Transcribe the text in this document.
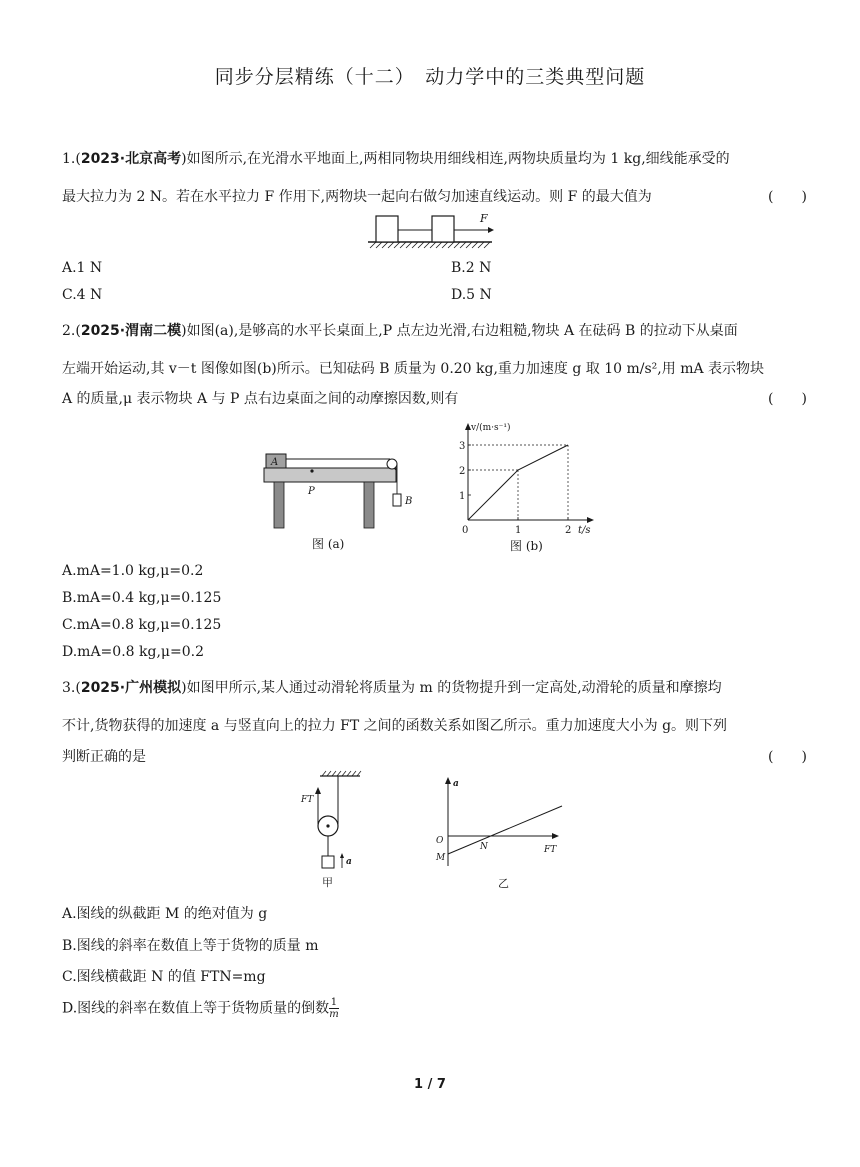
同步分层精练（十二）　动力学中的三类典型问题
1.(2023·北京高考)如图所示,在光滑水平地面上,两相同物块用细线相连,两物块质量均为 1 kg,细线能承受的
最大拉力为 2 N。若在水平拉力 F 作用下,两物块一起向右做匀加速直线运动。则 F 的最大值为	(　　)
F
A.1 N	B.2 N
C.4 N	D.5 N
2.(2025·渭南二模)如图(a),是够高的水平长桌面上,P 点左边光滑,右边粗糙,物块 A 在砝码 B 的拉动下从桌面
左端开始运动,其 v－t 图像如图(b)所示。已知砝码 B 质量为 0.20 kg,重力加速度 g 取 10 m/s²,用 mA 表示物块
A 的质量,μ 表示物块 A 与 P 点右边桌面之间的动摩擦因数,则有	(　　)
A
B
P
图 (a)
1
2
3
1	2
0
v/(m·s⁻¹)
t/s
图 (b)
A.mA=1.0 kg,μ=0.2
B.mA=0.4 kg,μ=0.125
C.mA=0.8 kg,μ=0.125
D.mA=0.8 kg,μ=0.2
3.(2025·广州模拟)如图甲所示,某人通过动滑轮将质量为 m 的货物提升到一定高处,动滑轮的质量和摩擦均
不计,货物获得的加速度 a 与竖直向上的拉力 FT 之间的函数关系如图乙所示。重力加速度大小为 g。则下列
判断正确的是	(　　)
FT
a
甲
a
O
M
N	FT
乙
A.图线的纵截距 M 的绝对值为 g
B.图线的斜率在数值上等于货物的质量 m
C.图线横截距 N 的值 FTN=mg
D.图线的斜率在数值上等于货物质量的倒数 $\frac{1}{m}$
1 / 7
